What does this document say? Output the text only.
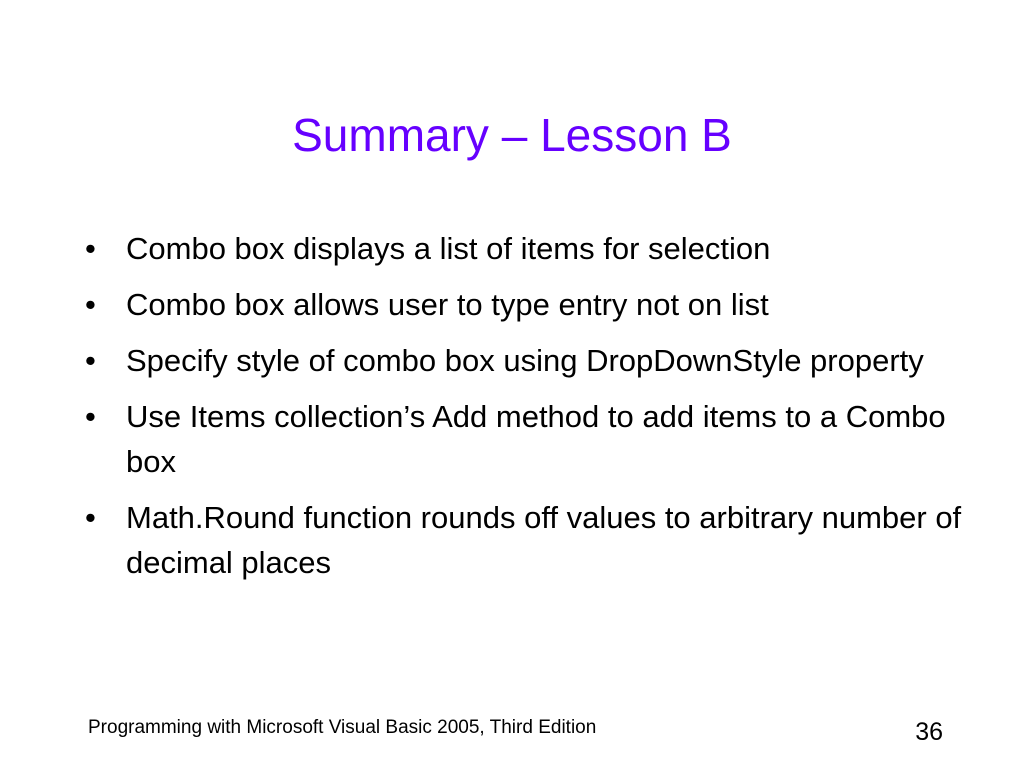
Summary – Lesson B
• Combo box displays a list of items for selection
• Combo box allows user to type entry not on list
• Specify style of combo box using DropDownStyle property
• Use Items collection’s Add method to add items to a Combo box
• Math.Round function rounds off values to arbitrary number of decimal places
Programming with Microsoft Visual Basic 2005, Third Edition	36
